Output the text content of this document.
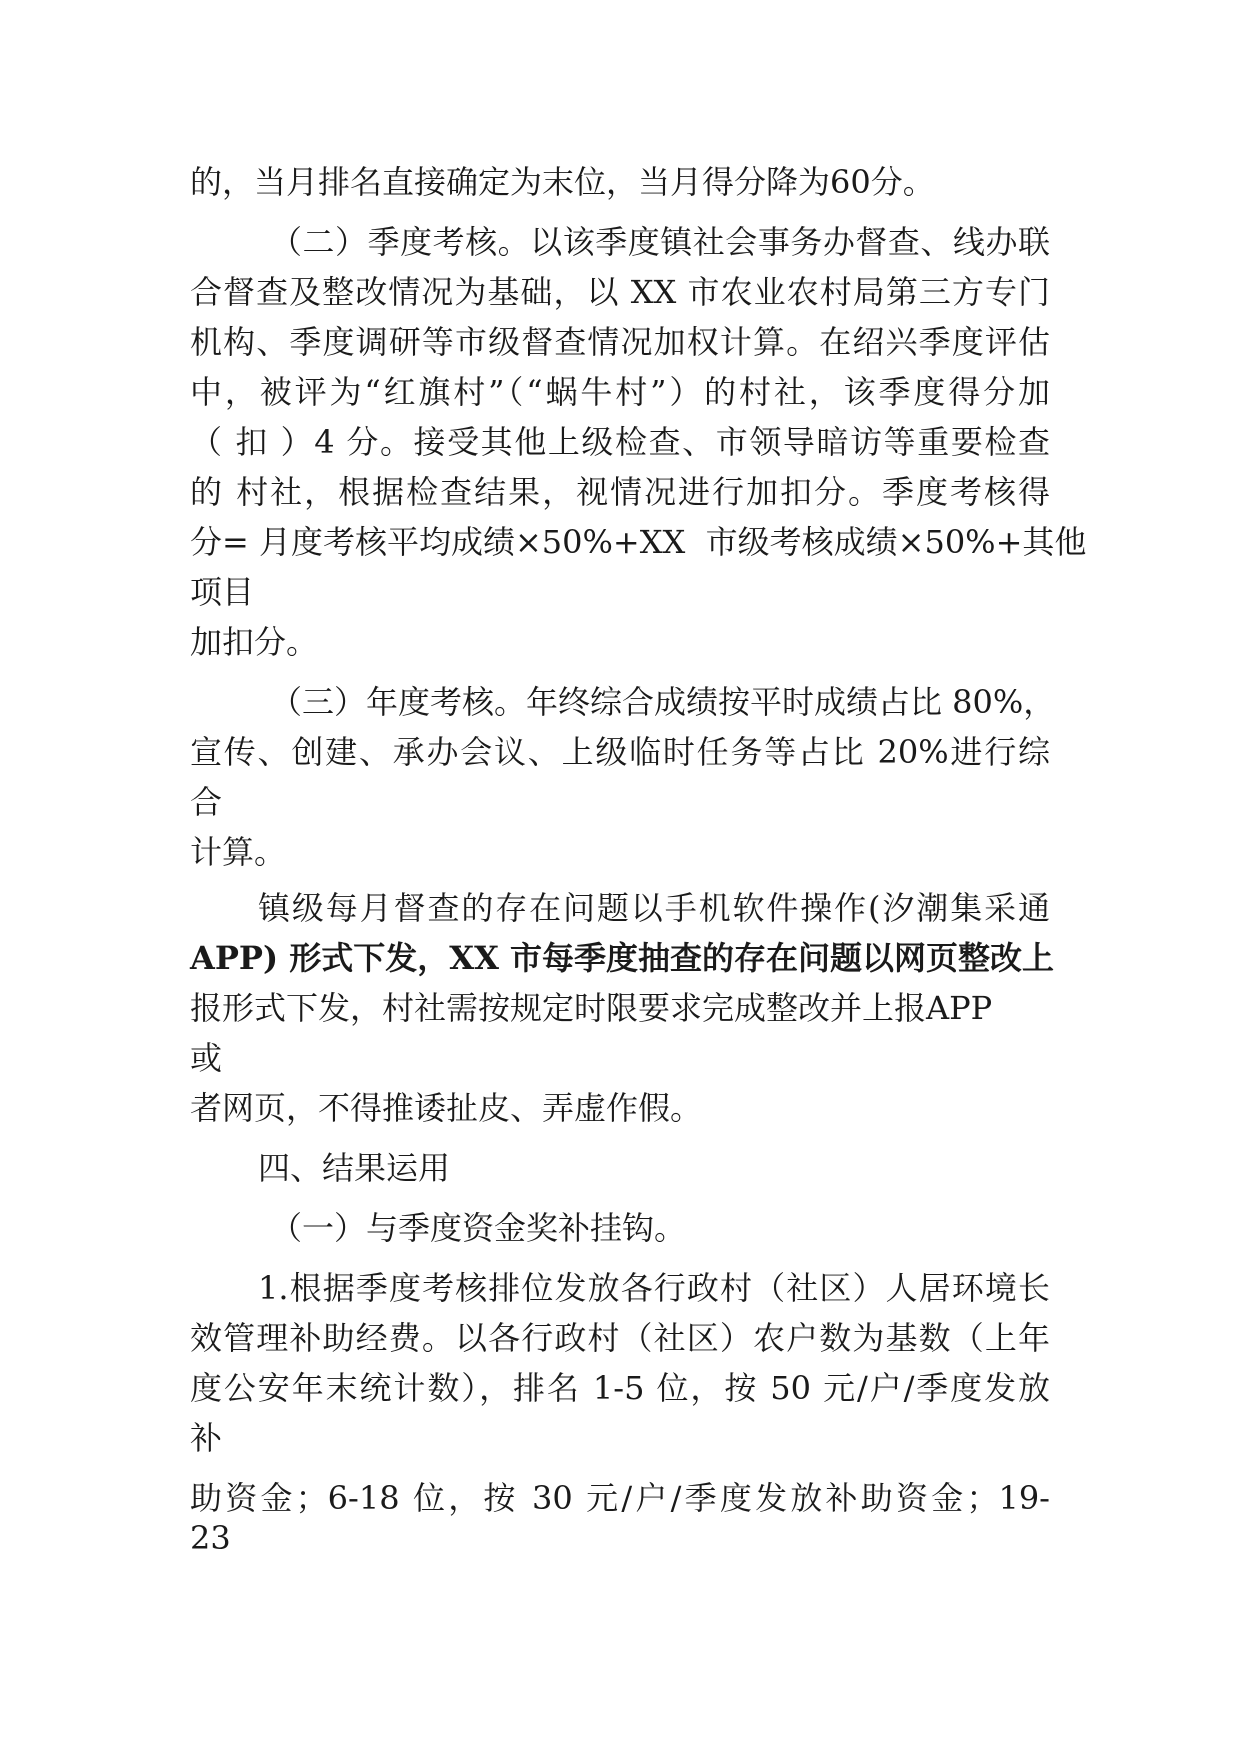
的，当月排名直接确定为末位，当月得分降为60分。

（二）季度考核。以该季度镇社会事务办督查、线办联

合督查及整改情况为基础，以 XX 市农业农村局第三方专门

机构、季度调研等市级督查情况加权计算。在绍兴季度评估

中，被评为“红旗村”（“蜗牛村”）的村社，该季度得分加

（ 扣 ）4 分。接受其他上级检查、市领导暗访等重要检查

的 村社，根据检查结果，视情况进行加扣分。季度考核得

分= 月度考核平均成绩×50%+XX  市级考核成绩×50%+其他

项目

加扣分。

（三）年度考核。年终综合成绩按平时成绩占比 80%，

宣传、创建、承办会议、上级临时任务等占比 20%进行综

合

计算。

镇级每月督查的存在问题以手机软件操作(汐潮集采通

APP) 形式下发，XX 市每季度抽查的存在问题以网页整改上

报形式下发，村社需按规定时限要求完成整改并上报APP

或

者网页，不得推诿扯皮、弄虚作假。

四、结果运用

（一）与季度资金奖补挂钩。

1.根据季度考核排位发放各行政村（社区）人居环境长

效管理补助经费。以各行政村（社区）农户数为基数（上年

度公安年末统计数），排名 1-5 位，按 50 元/户/季度发放

补

助资金；6-18 位，按 30 元/户/季度发放补助资金；19-

23
